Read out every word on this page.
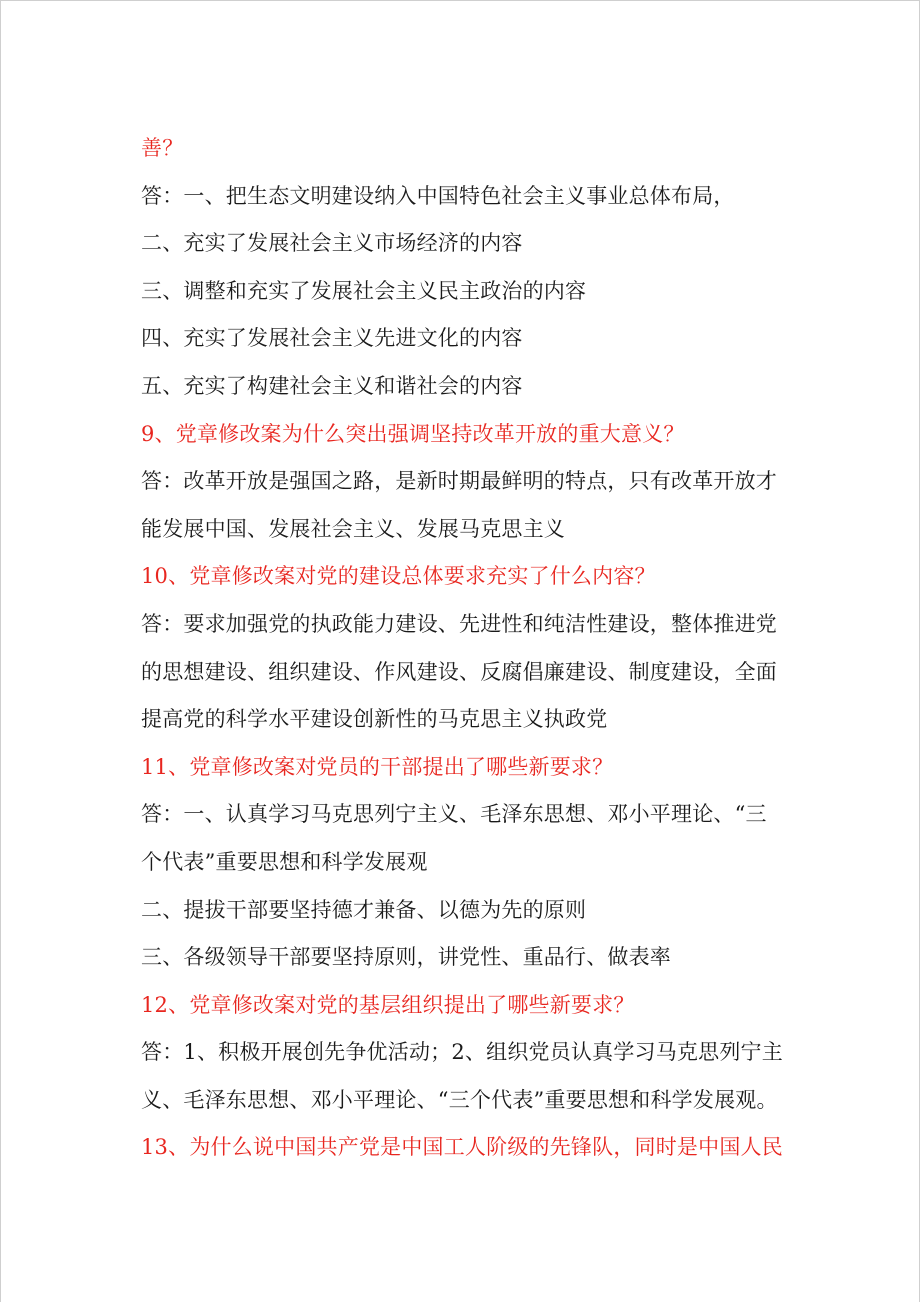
善？
答：一、把生态文明建设纳入中国特色社会主义事业总体布局，
二、充实了发展社会主义市场经济的内容
三、调整和充实了发展社会主义民主政治的内容
四、充实了发展社会主义先进文化的内容
五、充实了构建社会主义和谐社会的内容
9、党章修改案为什么突出强调坚持改革开放的重大意义？
答：改革开放是强国之路，是新时期最鲜明的特点，只有改革开放才
能发展中国、发展社会主义、发展马克思主义
10、党章修改案对党的建设总体要求充实了什么内容？
答：要求加强党的执政能力建设、先进性和纯洁性建设，整体推进党
的思想建设、组织建设、作风建设、反腐倡廉建设、制度建设，全面
提高党的科学水平建设创新性的马克思主义执政党
11、党章修改案对党员的干部提出了哪些新要求？
答：一、认真学习马克思列宁主义、毛泽东思想、邓小平理论、“三
个代表”重要思想和科学发展观
二、提拔干部要坚持德才兼备、以德为先的原则
三、各级领导干部要坚持原则，讲党性、重品行、做表率
12、党章修改案对党的基层组织提出了哪些新要求？
答：1、积极开展创先争优活动；2、组织党员认真学习马克思列宁主
义、毛泽东思想、邓小平理论、“三个代表”重要思想和科学发展观。
13、为什么说中国共产党是中国工人阶级的先锋队，同时是中国人民
